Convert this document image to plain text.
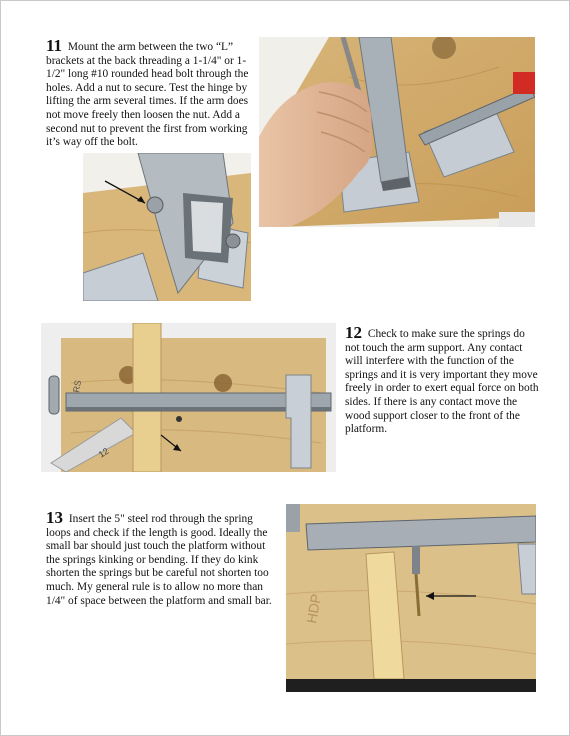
11 Mount the arm between the two “L” brackets at the back threading a 1-1/4" or 1-1/2" long #10 rounded head bolt through the holes. Add a nut to secure. Test the hinge by lifting the arm several times. If the arm does not move freely then loosen the nut. Add a second nut to prevent the first from working it’s way off the bolt.
RS
12
12 Check to make sure the springs do not touch the arm support. Any contact will interfere with the function of the springs and it is very important they move freely in order to exert equal force on both sides. If there is any contact move the wood support closer to the front of the platform.
13 Insert the 5" steel rod through the spring loops and check if the length is good. Ideally the small bar should just touch the platform without the springs kinking or bending. If they do kink shorten the springs but be careful not shorten too much. My general rule is to allow no more than 1/4" of space between the platform and small bar. HDP
